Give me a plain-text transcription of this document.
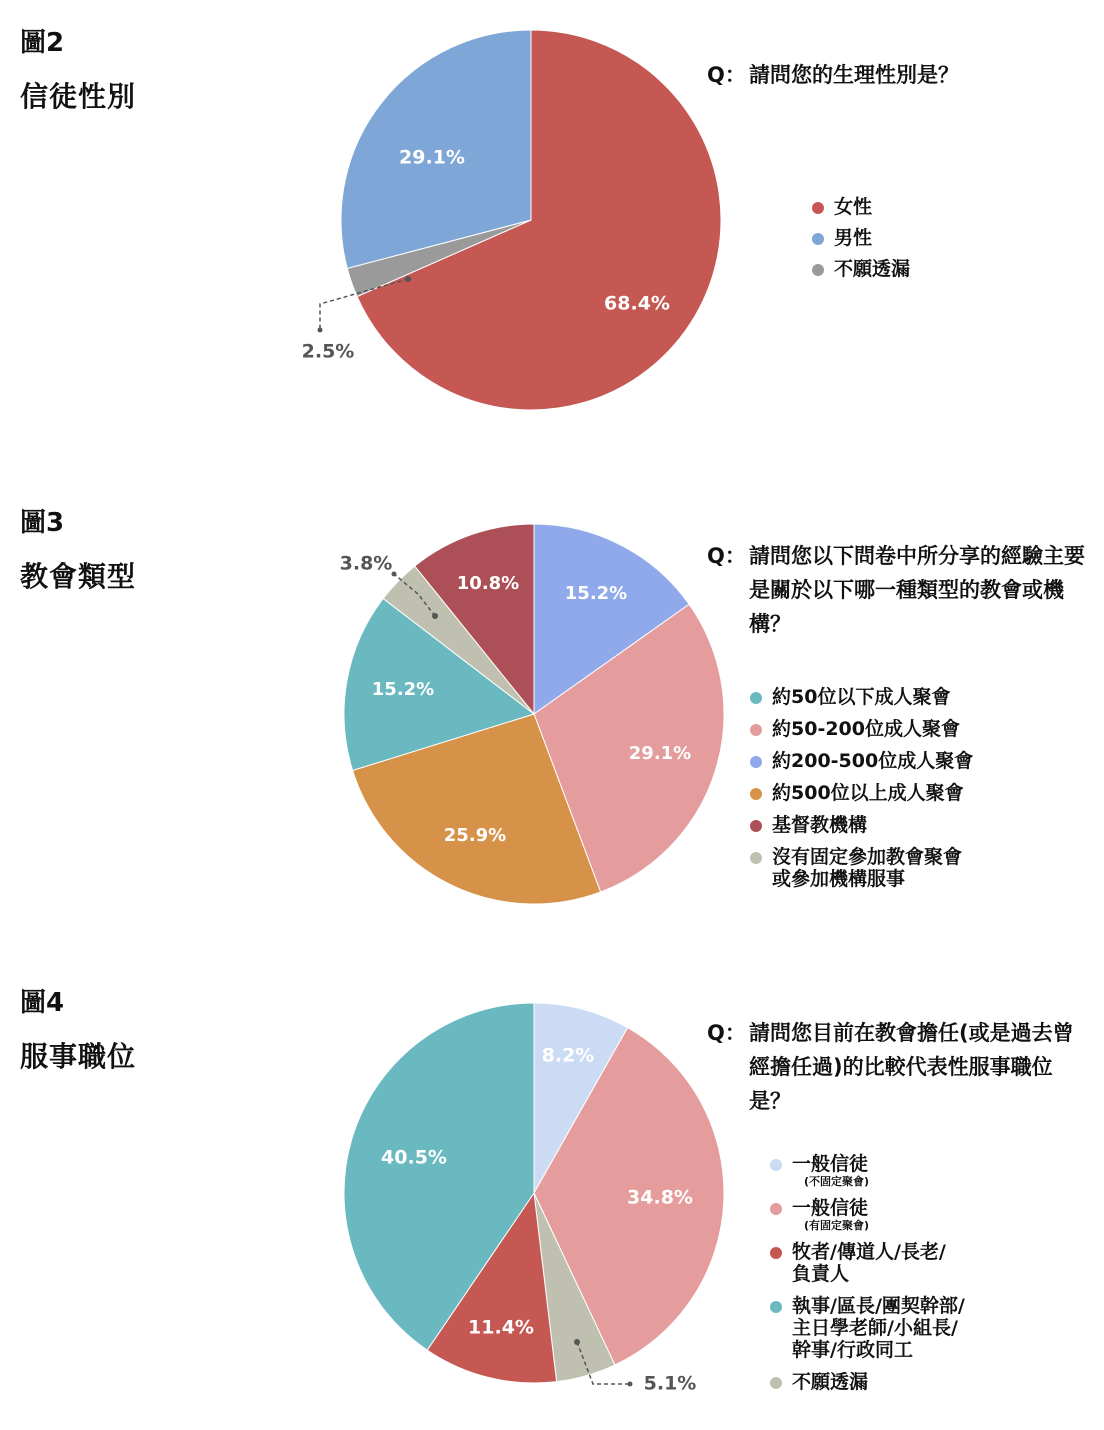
圖2
信徒性別
68.4%
2.5%
29.1%
Q： 請問您的生理性別是？
女性
男性
不願透漏
圖3
教會類型
15.2%
29.1%
25.9%
15.2%
3.8%
10.8%
Q： 請問您以下問卷中所分享的經驗主要是關於以下哪一種類型的教會或機構？
約50位以下成人聚會
約50-200位成人聚會
約200-500位成人聚會
約500位以上成人聚會
基督教機構
沒有固定參加教會聚會
或參加機構服事
圖4
服事職位	8.2%
34.8%
5.1%
11.4%
40.5%
Q： 請問您目前在教會擔任(或是過去曾經擔任過)的比較代表性服事職位是？
一般信徒
(不固定聚會)
一般信徒
(有固定聚會)
牧者/傳道人/長老/
負責人
執事/區長/團契幹部/
主日學老師/小組長/
幹事/行政同工
不願透漏
